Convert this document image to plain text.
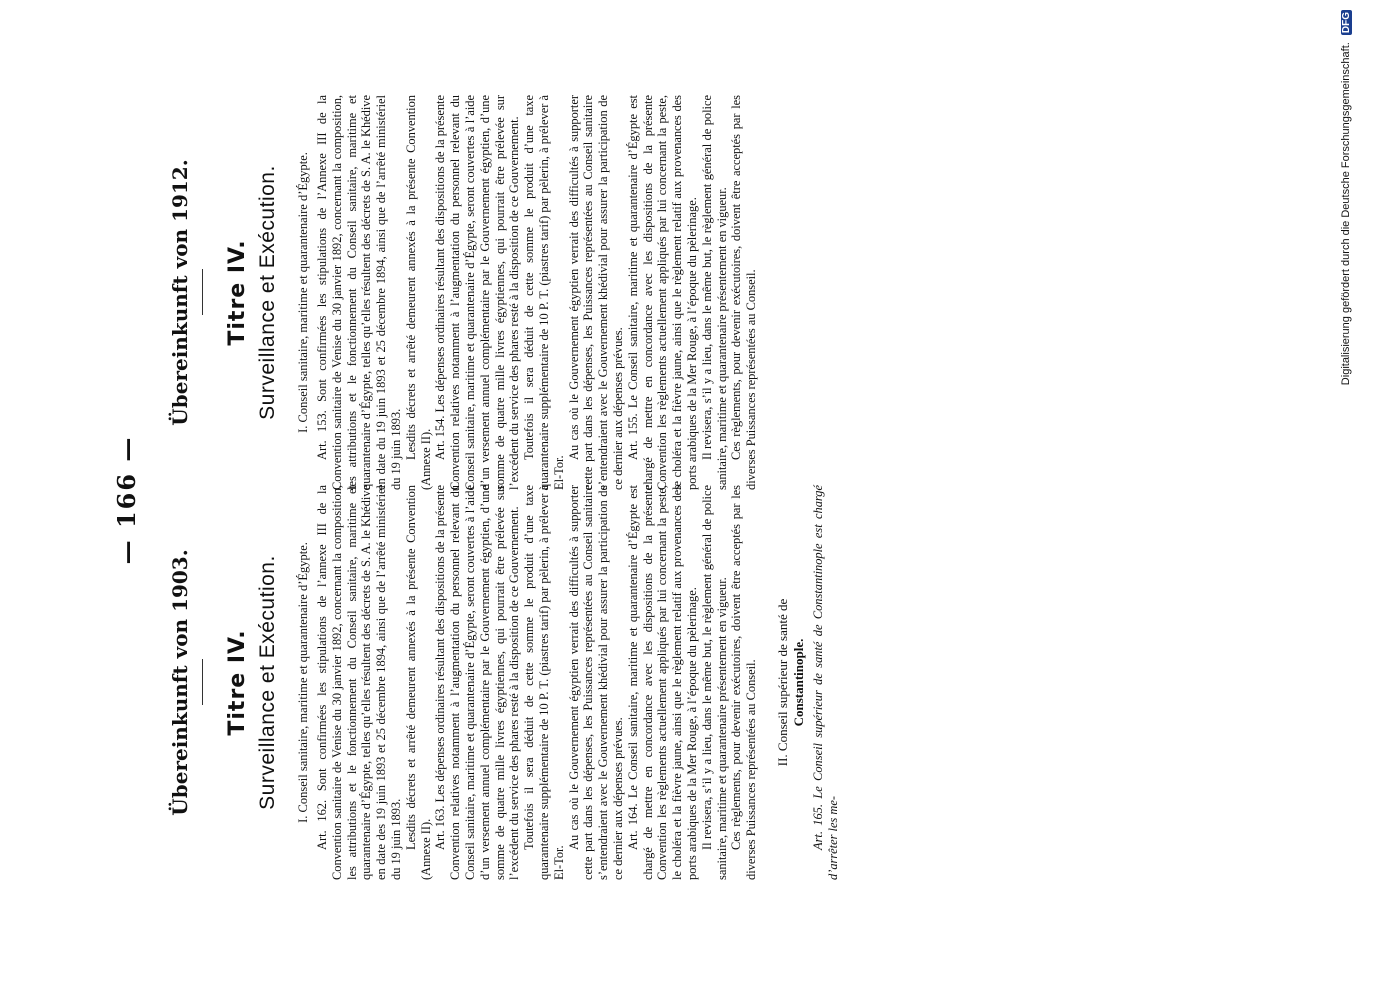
— 166 —
Übereinkunft von 1903. Titre IV. Surveillance et Exécution. I. Conseil sanitaire, maritime et quarantenaire d’Égypte. Art. 162. Sont confirmées les stipulations de l’annexe III de la Convention sanitaire de Venise du 30 janvier 1892, concernant la composition, les attributions et le fonctionnement du Conseil sanitaire, maritime et quarantenaire d’Égypte, telles qu’elles résultent des décrets de S. A. le Khédive en date des 19 juin 1893 et 25 décembre 1894, ainsi que de l’arrêté ministériel du 19 juin 1893. Lesdits décrets et arrêté demeurent annexés à la présente Convention (Annexe II). Art. 163. Les dépenses ordinaires résultant des dispositions de la présente Convention relatives notamment à l’augmentation du personnel relevant du Conseil sanitaire, maritime et quarantenaire d’Égypte, seront couvertes à l’aide d’un versement annuel complémentaire par le Gouvernement égyptien, d’une somme de quatre mille livres égyptiennes, qui pourrait être prélevée sur l’excédent du service des phares resté à la disposition de ce Gouvernement. Toutefois il sera déduit de cette somme le produit d’une taxe quarantenaire supplémentaire de 10 P. T. (piastres tarif) par pèlerin, à prélever à El-Tor.

Au cas où le Gouvernement égyptien verrait des difficultés à supporter cette part dans les dépenses, les Puissances représentées au Conseil sanitaire s’entendraient avec le Gouvernement khédivial pour assurer la participation de ce dernier aux dépenses prévues. Art. 164. Le Conseil sanitaire, maritime et quarantenaire d’Égypte est chargé de mettre en concordance avec les dispositions de la présente Convention les règlements actuellement appliqués par lui concernant la peste, le choléra et la fièvre jaune, ainsi que le règlement relatif aux provenances des ports arabiques de la Mer Rouge, à l’époque du pèlerinage. Il revisera, s’il y a lieu, dans le même but, le règlement général de police sanitaire, maritime et quarantenaire présentement en vigueur. Ces règlements, pour devenir exécutoires, doivent être acceptés par les diverses Puissances représentées au Conseil. II. Conseil supérieur de santé de Constantinople. Art. 165. Le Conseil supérieur de santé de Constantinople est chargé d’arrêter les me-

Übereinkunft von 1912. Titre IV. Surveillance et Exécution. I. Conseil sanitaire, maritime et quarantenaire d’Égypte. Art. 153. Sont confirmées les stipulations de l’Annexe III de la Convention sanitaire de Venise du 30 janvier 1892, concernant la composition, les attributions et le fonctionnement du Conseil sanitaire, maritime et quarantenaire d’Égypte, telles qu’elles résultent des décrets de S. A. le Khédive en date du 19 juin 1893 et 25 décembre 1894, ainsi que de l’arrêté ministériel du 19 juin 1893. Lesdits décrets et arrêté demeurent annexés à la présente Convention (Annexe II). Art. 154. Les dépenses ordinaires résultant des dispositions de la présente Convention relatives notamment à l’augmentation du personnel relevant du Conseil sanitaire, maritime et quarantenaire d’Égypte, seront couvertes à l’aide d’un versement annuel complémentaire par le Gouvernement égyptien, d’une somme de quatre mille livres égyptiennes, qui pourrait être prélevée sur l’excédent du service des phares resté à la disposition de ce Gouvernement. Toutefois il sera déduit de cette somme le produit d’une taxe quarantenaire supplémentaire de 10 P. T. (piastres tarif) par pèlerin, à prélever à El-Tor.

Au cas où le Gouvernement égyptien verrait des difficultés à supporter cette part dans les dépenses, les Puissances représentées au Conseil sanitaire s’entendraient avec le Gouvernement khédivial pour assurer la participation de ce dernier aux dépenses prévues. Art. 155. Le Conseil sanitaire, maritime et quarantenaire d’Égypte est chargé de mettre en concordance avec les dispositions de la présente Convention les règlements actuellement appliqués par lui concernant la peste, le choléra et la fièvre jaune, ainsi que le règlement relatif aux provenances des ports arabiques de la Mer Rouge, à l’époque du pèlerinage. Il revisera, s’il y a lieu, dans le même but, le règlement général de police sanitaire, maritime et quarantenaire présentement en vigueur. Ces règlements, pour devenir exécutoires, doivent être acceptés par les diverses Puissances représentées au Conseil.	Digitalisierung gefördert durch die Deutsche Forschungsgemeinschaft. DFG
